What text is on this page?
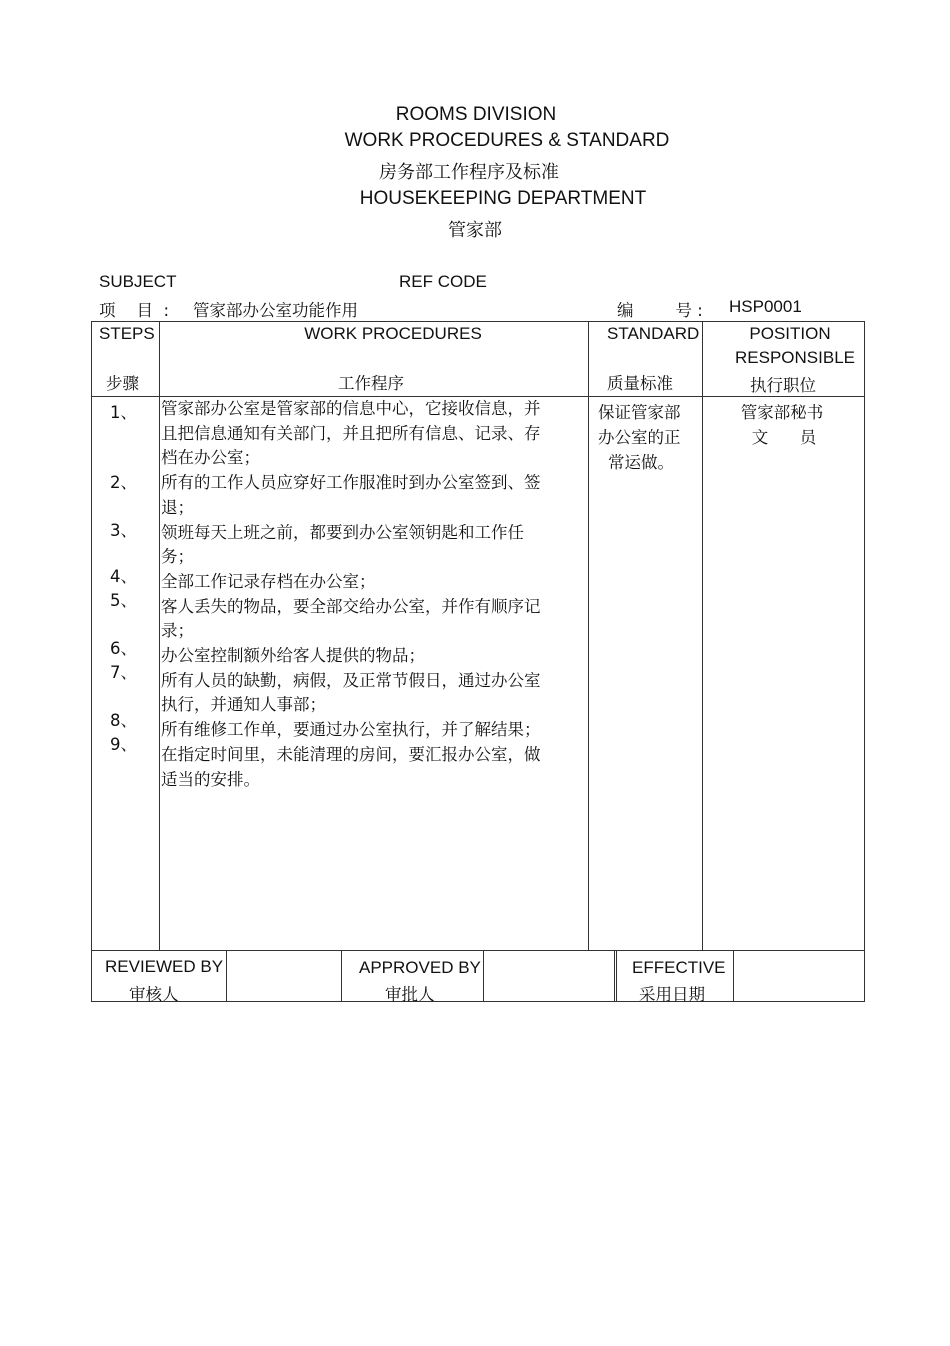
ROOMS DIVISION
WORK PROCEDURES & STANDARD
房务部工作程序及标准
HOUSEKEEPING DEPARTMENT
管家部
SUBJECT	REF CODE
项    目  : 管家部办公室功能作用	编        号 : HSP0001
STEPS
步骤
WORK PROCEDURES
工作程序
STANDARD
质量标准
POSITION
RESPONSIBLE
执行职位
1、
2、
3、
4、
5、
6、
7、
8、
9、

管家部办公室是管家部的信息中心，它接收信息，并且把信息通知有关部门，并且把所有信息、记录、存档在办公室；

所有的工作人员应穿好工作服准时到办公室签到、签退；

领班每天上班之前，都要到办公室领钥匙和工作任务；

全部工作记录存档在办公室；

客人丢失的物品，要全部交给办公室，并作有顺序记录；

办公室控制额外给客人提供的物品；

所有人员的缺勤，病假，及正常节假日，通过办公室执行，并通知人事部；

所有维修工作单，要通过办公室执行，并了解结果；

在指定时间里，未能清理的房间，要汇报办公室，做适当的安排。

保证管家部
办公室的正
常运做。
管家部秘书
文      员
REVIEWED BY
审核人
APPROVED BY
审批人
EFFECTIVE
采用日期
